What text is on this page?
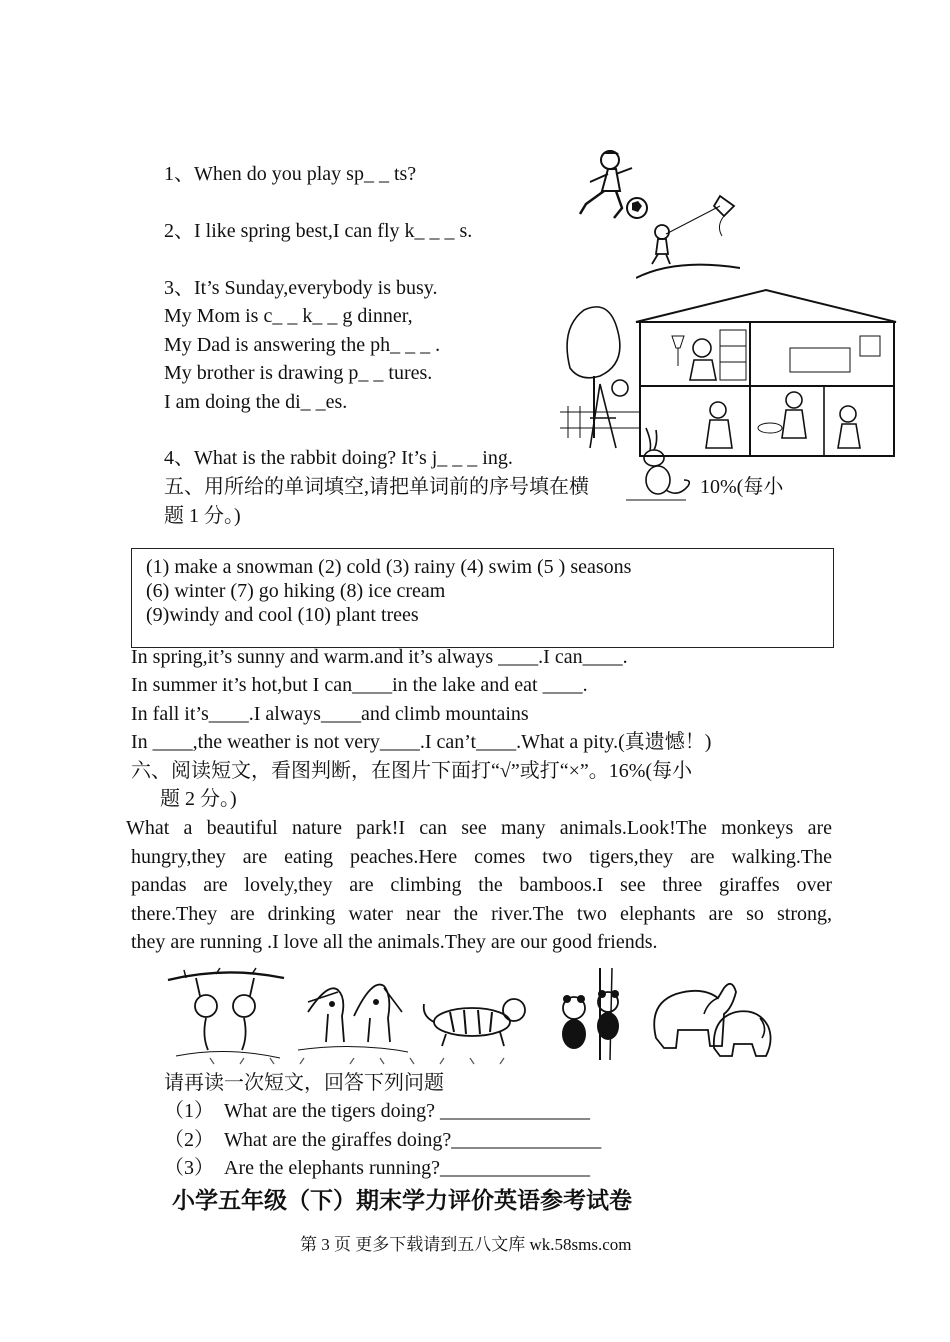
1、When do you play sp_ _ ts?
2、I like spring best,I can fly k_ _ _ s.
3、It’s Sunday,everybody is busy.
My Mom is c_ _ k_ _ g dinner,
My Dad is answering the ph_ _ _ .
My brother is drawing p_ _ tures.
I am doing the di_ _es.
4、What is the rabbit doing? It’s j_ _ _ ing.
五、用所给的单词填空,请把单词前的序号填在横	10%(每小
题 1 分。)
(1) make a snowman (2) cold (3) rainy (4) swim (5 ) seasons
(6) winter (7) go hiking (8) ice cream
(9)windy and cool (10) plant trees
In spring,it’s sunny and warm.and it’s always ____.I can____.
In summer it’s hot,but I can____in the lake and eat ____.
In fall it’s____.I always____and climb mountains
In ____,the weather is not very____.I can’t____.What a pity.(真遗憾！)
六、阅读短文，看图判断，在图片下面打“√”或打“×”。16%(每小
题 2 分。)
What a beautiful nature park!I can see many animals.Look!The monkeys are
hungry,they are eating peaches.Here comes two tigers,they are walking.The
pandas are lovely,they are climbing the bamboos.I see three giraffes over
there.They are drinking water near the river.The two elephants are so strong,
they are running .I love all the animals.They are our good friends.
请再读一次短文，回答下列问题
（1） What are the tigers doing? _______________
（2） What are the giraffes doing?_______________
（3） Are the elephants running?_______________
小学五年级（下）期末学力评价英语参考试卷
第 3 页 更多下载请到五八文库 wk.58sms.com
